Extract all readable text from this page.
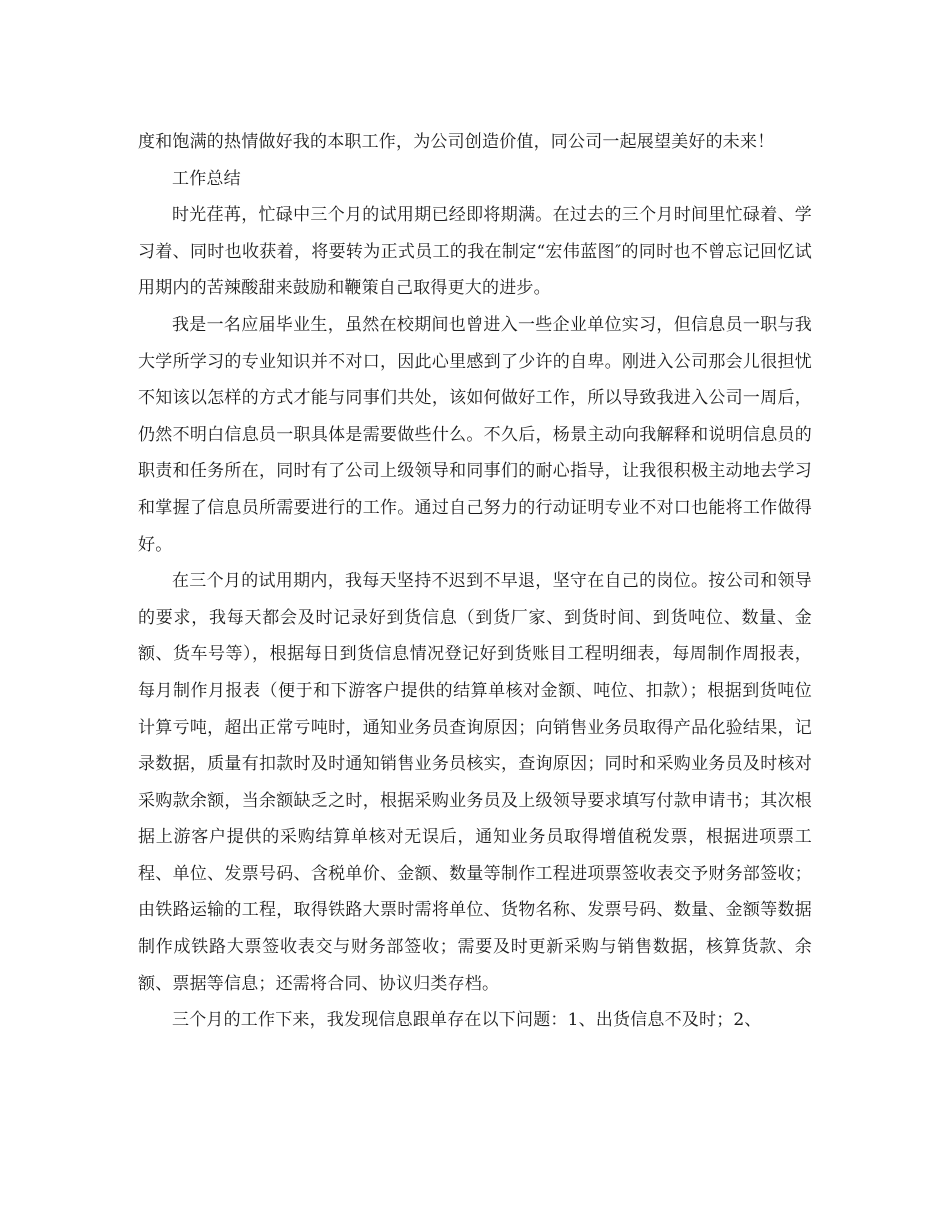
度和饱满的热情做好我的本职工作，为公司创造价值，同公司一起展望美好的未来！

工作总结

时光荏苒，忙碌中三个月的试用期已经即将期满。在过去的三个月时间里忙碌着、学习着、同时也收获着，将要转为正式员工的我在制定“宏伟蓝图″的同时也不曾忘记回忆试用期内的苦辣酸甜来鼓励和鞭策自己取得更大的进步。

我是一名应届毕业生，虽然在校期间也曾进入一些企业单位实习，但信息员一职与我大学所学习的专业知识并不对口，因此心里感到了少许的自卑。刚进入公司那会儿很担忧不知该以怎样的方式才能与同事们共处，该如何做好工作，所以导致我进入公司一周后，仍然不明白信息员一职具体是需要做些什么。不久后，杨景主动向我解释和说明信息员的职责和任务所在，同时有了公司上级领导和同事们的耐心指导，让我很积极主动地去学习和掌握了信息员所需要进行的工作。通过自己努力的行动证明专业不对口也能将工作做得好。

在三个月的试用期内，我每天坚持不迟到不早退，坚守在自己的岗位。按公司和领导的要求，我每天都会及时记录好到货信息（到货厂家、到货时间、到货吨位、数量、金额、货车号等），根据每日到货信息情况登记好到货账目工程明细表，每周制作周报表，每月制作月报表（便于和下游客户提供的结算单核对金额、吨位、扣款）；根据到货吨位计算亏吨，超出正常亏吨时，通知业务员查询原因；向销售业务员取得产品化验结果，记录数据，质量有扣款时及时通知销售业务员核实，查询原因；同时和采购业务员及时核对采购款余额，当余额缺乏之时，根据采购业务员及上级领导要求填写付款申请书；其次根据上游客户提供的采购结算单核对无误后，通知业务员取得增值税发票，根据进项票工程、单位、发票号码、含税单价、金额、数量等制作工程进项票签收表交予财务部签收；由铁路运输的工程，取得铁路大票时需将单位、货物名称、发票号码、数量、金额等数据制作成铁路大票签收表交与财务部签收；需要及时更新采购与销售数据，核算货款、余额、票据等信息；还需将合同、协议归类存档。

三个月的工作下来，我发现信息跟单存在以下问题：1、出货信息不及时；2、
